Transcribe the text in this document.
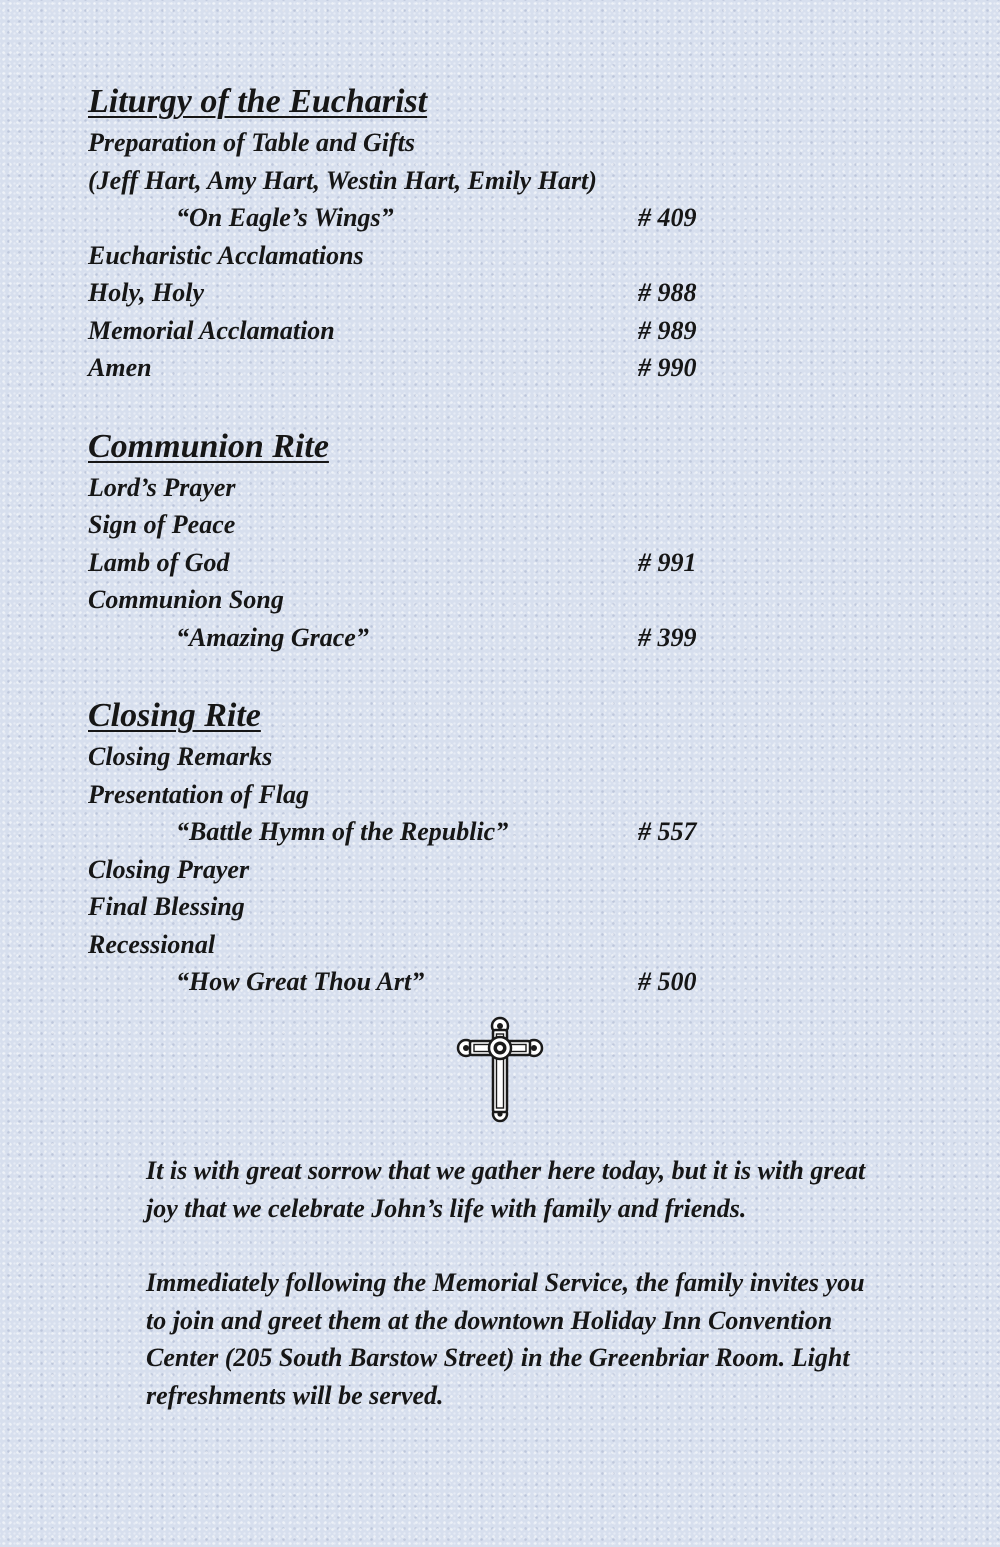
Liturgy of the Eucharist
Preparation of Table and Gifts
(Jeff Hart, Amy Hart, Westin Hart, Emily Hart)
“On Eagle’s Wings”	# 409
Eucharistic Acclamations
Holy, Holy	# 988
Memorial Acclamation	# 989
Amen	# 990
Communion Rite
Lord’s Prayer
Sign of Peace
Lamb of God	# 991
Communion Song
“Amazing Grace”	# 399
Closing Rite
Closing Remarks
Presentation of Flag
“Battle Hymn of the Republic”	# 557
Closing Prayer
Final Blessing
Recessional
“How Great Thou Art”	# 500

It is with great sorrow that we gather here today, but it is with great joy that we celebrate John’s life with family and friends.

Immediately following the Memorial Service, the family invites you to join and greet them at the downtown Holiday Inn Convention Center (205 South Barstow Street) in the Greenbriar Room. Light refreshments will be served.
